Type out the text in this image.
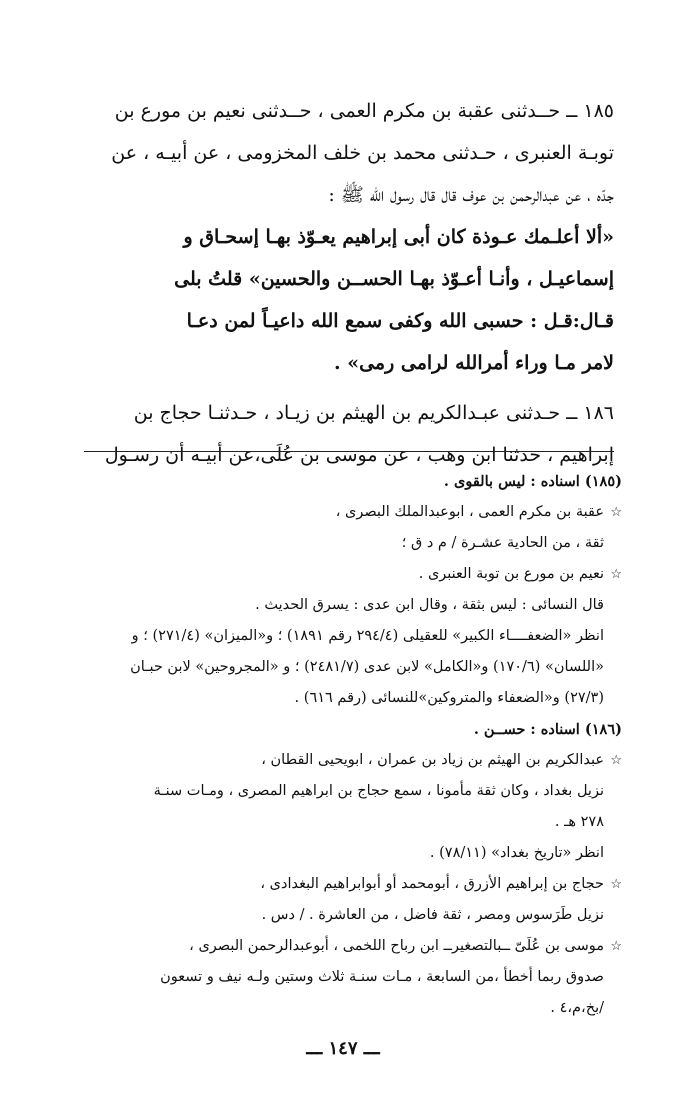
١٨٥ ــ حــدثنى عقبة بن مكرم العمى ، حــدثنى نعيم بن مورع بن
توبـة العنبرى ، حـدثنى محمد بن خلف المخزومى ، عن أبيـه ، عن
جدّه ، عن عبدالرحمن بن عوف قال قال رسول الله ﷺ :
«ألا أعلـمك عـوذة كان أبى إبراهيم يعـوّذ بهـا إسحـاق و
إسماعيـل ، وأنـا أعـوّذ بهـا الحســن والحسين» قلتُ بلى
قـال:قـل : حسبى الله وكفى سمع الله داعيـاً لمن دعـا
لامر مـا وراء أمرالله لرامى رمى» .
١٨٦ ــ حـدثنى عبـدالكريم بن الهيثم بن زيـاد ، حـدثنـا حجاج بن
إبراهيم ، حدثنا ابن وهب ، عن موسى بن عُلَى،عن أبيـه أن رسـول
(١٨٥) اسناده : ليس بالقوى .
☆
عقبة بن مكرم العمى ، ابوعبدالملك البصرى ،
ثقة ، من الحادية عشـرة / م د ق ؛
☆
نعيم بن مورع بن توبة العنبرى .
قال النسائى : ليس بثقة ، وقال ابن عدى : يسرق الحديث .
انظر «الضعفــــاء الكبير» للعقيلى (٢٩٤/٤ رقم ١٨٩١) ؛ و«الميزان» (٢٧١/٤) ؛ و
«اللسان» (١٧٠/٦) و«الكامل» لابن عدى (٢٤٨١/٧) ؛ و «المجروحين» لابن حبـان
(٢٧/٣) و«الضعفاء والمتروكين»للنسائى (رقم ٦١٦) .
(١٨٦) اسناده : حســن .
☆
عبدالكريم بن الهيثم بن زياد بن عمران ، ابويحيى القطان ،
نزيل بغداد ، وكان ثقة مأمونا ، سمع حجاج بن ابراهيم المصرى ، ومـات سنـة
٢٧٨ هـ .
انظر «تاريخ بغداد» (٧٨/١١) .
☆
حجاج بن إبراهيم الأزرق ، أبومحمد أو أبوابراهيم البغدادى ،
نزيل طَرَسوس ومصر ، ثقة فاضل ، من العاشرة . / دس .
☆
موسى بن عُلَىّ ــبالتصغيرــ ابن رباح اللخمى ، أبوعبدالرحمن البصرى ،
صدوق ربما أخطأ ،من السابعة ، مـات سنـة ثلاث وستين ولـه نيف و تسعون
/بخ،م،٤ .
ـــ ١٤٧ ـــ
